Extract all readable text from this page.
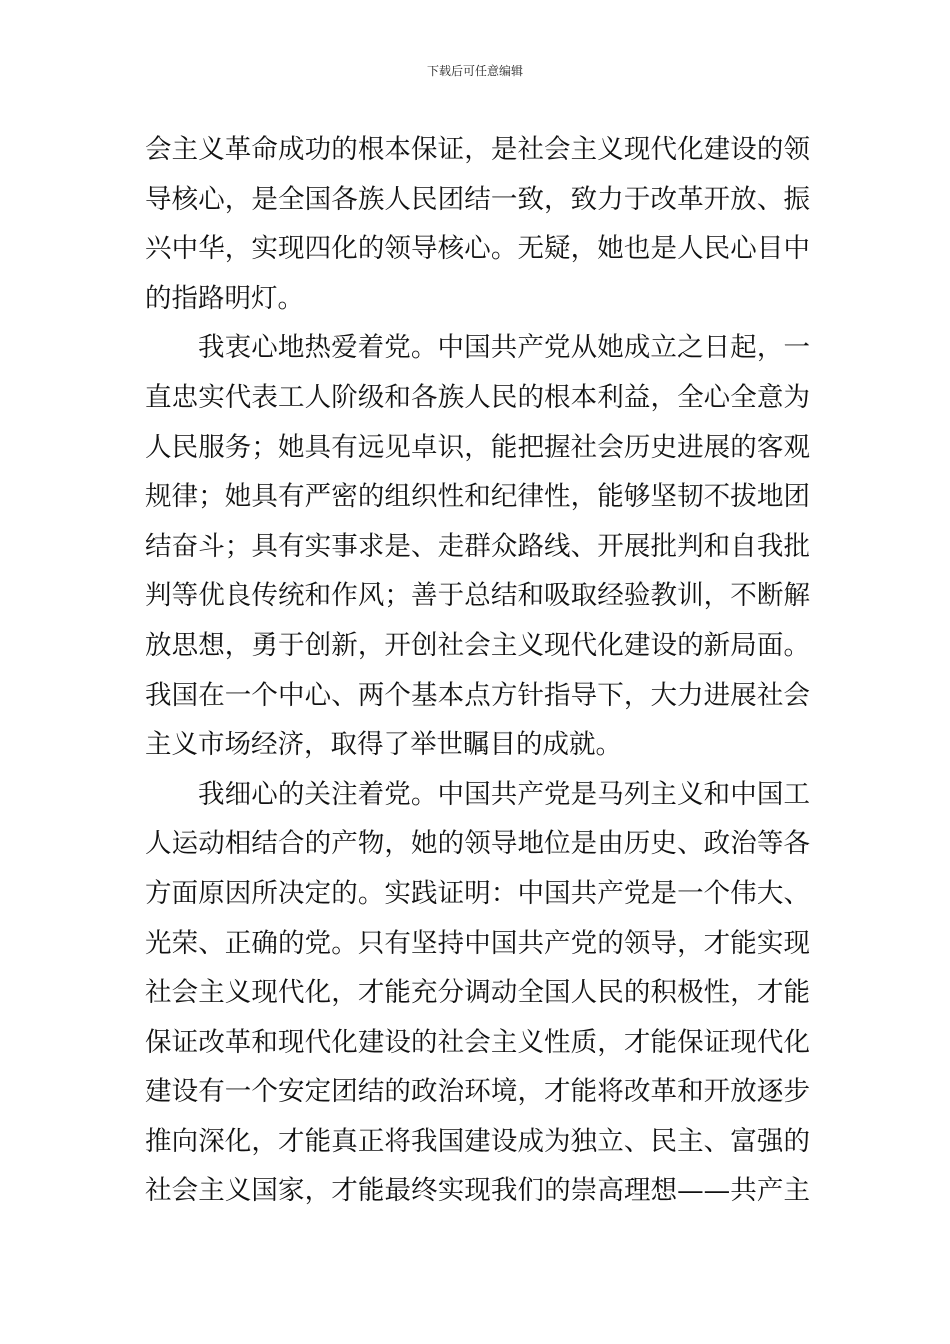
下载后可任意编辑
会主义革命成功的根本保证，是社会主义现代化建设的领
导核心，是全国各族人民团结一致，致力于改革开放、振
兴中华，实现四化的领导核心。无疑，她也是人民心目中
的指路明灯。
我衷心地热爱着党。中国共产党从她成立之日起，一
直忠实代表工人阶级和各族人民的根本利益，全心全意为
人民服务；她具有远见卓识，能把握社会历史进展的客观
规律；她具有严密的组织性和纪律性，能够坚韧不拔地团
结奋斗；具有实事求是、走群众路线、开展批判和自我批
判等优良传统和作风；善于总结和吸取经验教训，不断解
放思想，勇于创新，开创社会主义现代化建设的新局面。
我国在一个中心、两个基本点方针指导下，大力进展社会
主义市场经济，取得了举世瞩目的成就。
我细心的关注着党。中国共产党是马列主义和中国工
人运动相结合的产物，她的领导地位是由历史、政治等各
方面原因所决定的。实践证明：中国共产党是一个伟大、
光荣、正确的党。只有坚持中国共产党的领导，才能实现
社会主义现代化，才能充分调动全国人民的积极性，才能
保证改革和现代化建设的社会主义性质，才能保证现代化
建设有一个安定团结的政治环境，才能将改革和开放逐步
推向深化，才能真正将我国建设成为独立、民主、富强的
社会主义国家，才能最终实现我们的崇高理想——共产主
